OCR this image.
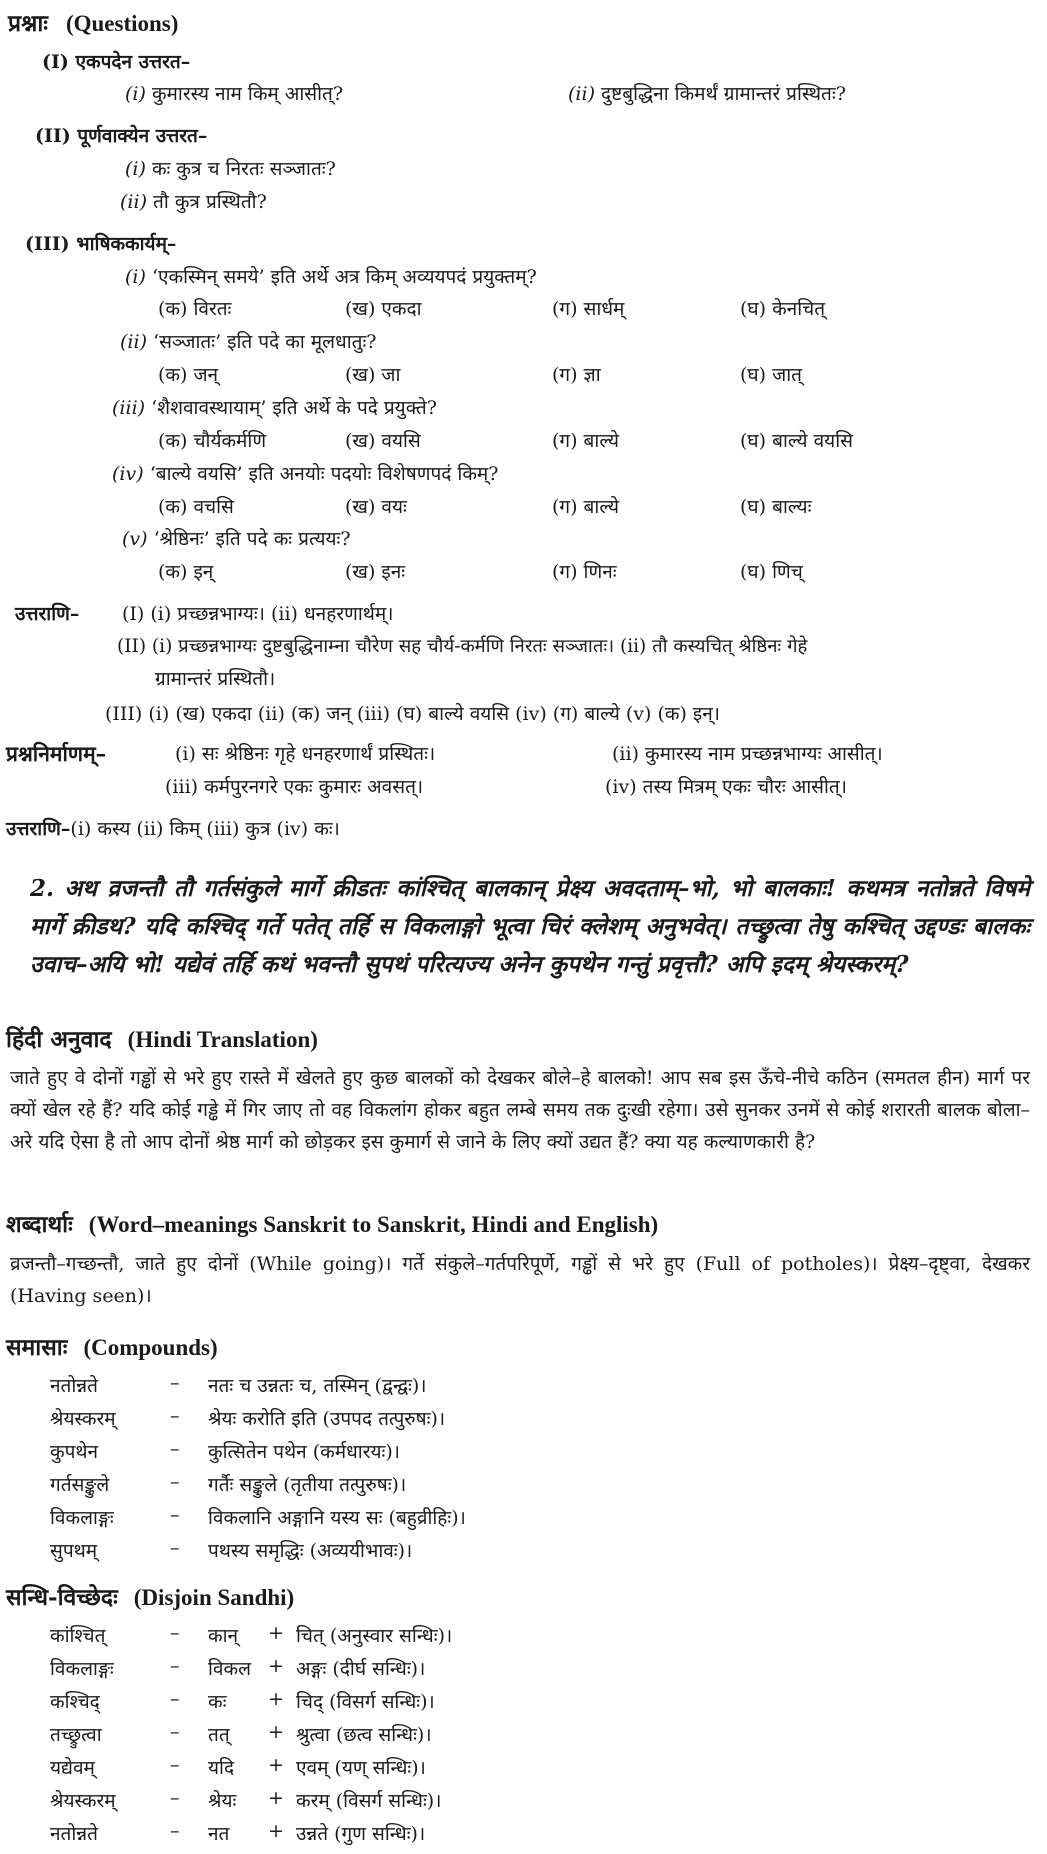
प्रश्नाः (Questions)
(I) एकपदेन उत्तरत–
(i) कुमारस्य नाम किम् आसीत्?	(ii) दुष्टबुद्धिना किमर्थं ग्रामान्तरं प्रस्थितः?
(II) पूर्णवाक्येन उत्तरत–
(i) कः कुत्र च निरतः सञ्जातः?
(ii) तौ कुत्र प्रस्थितौ?
(III) भाषिककार्यम्–
(i) ‘एकस्मिन् समये’ इति अर्थे अत्र किम् अव्ययपदं प्रयुक्तम्?
(क) विरतः	(ख) एकदा	(ग) सार्धम्	(घ) केनचित्
(ii) ‘सञ्जातः’ इति पदे का मूलधातुः?
(क) जन्	(ख) जा	(ग) ज्ञा	(घ) जात्
(iii) ‘शैशवावस्थायाम्’ इति अर्थे के पदे प्रयुक्ते?
(क) चौर्यकर्मणि	(ख) वयसि	(ग) बाल्ये	(घ) बाल्ये वयसि
(iv) ‘बाल्ये वयसि’ इति अनयोः पदयोः विशेषणपदं किम्?
(क) वचसि	(ख) वयः	(ग) बाल्ये	(घ) बाल्यः
(v) ‘श्रेष्ठिनः’ इति पदे कः प्रत्ययः?
(क) इन्	(ख) इनः	(ग) णिनः	(घ) णिच्
उत्तराणि– (I) (i) प्रच्छन्नभाग्यः। (ii) धनहरणार्थम्।
(II) (i) प्रच्छन्नभाग्यः दुष्टबुद्धिनाम्ना चौरेण सह चौर्य-कर्मणि निरतः सञ्जातः। (ii) तौ कस्यचित् श्रेष्ठिनः गेहे
ग्रामान्तरं प्रस्थितौ।
(III) (i) (ख) एकदा (ii) (क) जन् (iii) (घ) बाल्ये वयसि (iv) (ग) बाल्ये (v) (क) इन्।
प्रश्ननिर्माणम्–	(i) सः श्रेष्ठिनः गृहे धनहरणार्थं प्रस्थितः।	(ii) कुमारस्य नाम प्रच्छन्नभाग्यः आसीत्।
(iii) कर्मपुरनगरे एकः कुमारः अवसत्।	(iv) तस्य मित्रम् एकः चौरः आसीत्।
उत्तराणि–(i) कस्य (ii) किम् (iii) कुत्र (iv) कः।
2. अथ व्रजन्तौ तौ गर्तसंकुले मार्गे क्रीडतः कांश्चित् बालकान् प्रेक्ष्य अवदताम्–भो, भो बालकाः! कथमत्र नतोन्नते विषमे मार्गे क्रीडथ? यदि कश्चिद् गर्ते पतेत् तर्हि स विकलाङ्गो भूत्वा चिरं क्लेशम् अनुभवेत्। तच्छ्रुत्वा तेषु कश्चित् उद्दण्डः बालकः उवाच–अयि भो! यद्येवं तर्हि कथं भवन्तौ सुपथं परित्यज्य अनेन कुपथेन गन्तुं प्रवृत्तौ? अपि इदम् श्रेयस्करम्?
हिंदी अनुवाद (Hindi Translation)
जाते हुए वे दोनों गड्ढों से भरे हुए रास्ते में खेलते हुए कुछ बालकों को देखकर बोले–हे बालको! आप सब इस ऊँचे-नीचे कठिन (समतल हीन) मार्ग पर क्यों खेल रहे हैं? यदि कोई गड्ढे में गिर जाए तो वह विकलांग होकर बहुत लम्बे समय तक दुःखी रहेगा। उसे सुनकर उनमें से कोई शरारती बालक बोला–अरे यदि ऐसा है तो आप दोनों श्रेष्ठ मार्ग को छोड़कर इस कुमार्ग से जाने के लिए क्यों उद्यत हैं? क्या यह कल्याणकारी है?
शब्दार्थाः (Word–meanings Sanskrit to Sanskrit, Hindi and English)
व्रजन्तौ–गच्छन्तौ, जाते हुए दोनों (While going)। गर्ते संकुले–गर्तपरिपूर्णे, गड्ढों से भरे हुए (Full of potholes)। प्रेक्ष्य–दृष्ट्वा, देखकर (Having seen)।
समासाः (Compounds)
नतोन्नते	– नतः च उन्नतः च, तस्मिन् (द्वन्द्वः)।
श्रेयस्करम्	– श्रेयः करोति इति (उपपद तत्पुरुषः)।
कुपथेन	– कुत्सितेन पथेन (कर्मधारयः)।
गर्तसङ्कुले	– गर्तैः सङ्कुले (तृतीया तत्पुरुषः)।
विकलाङ्गः	– विकलानि अङ्गानि यस्य सः (बहुव्रीहिः)।
सुपथम्	– पथस्य समृद्धिः (अव्ययीभावः)।
सन्धि-विच्छेदः (Disjoin Sandhi)
कांश्चित्	– कान् + चित् (अनुस्वार सन्धिः)।
विकलाङ्गः	– विकल + अङ्गः (दीर्घ सन्धिः)।
कश्चिद्	– कः + चिद् (विसर्ग सन्धिः)।
तच्छ्रुत्वा	– तत् + श्रुत्वा (छत्व सन्धिः)।
यद्येवम्	– यदि + एवम् (यण् सन्धिः)।
श्रेयस्करम्	– श्रेयः + करम् (विसर्ग सन्धिः)।
नतोन्नते	– नत + उन्नते (गुण सन्धिः)।
